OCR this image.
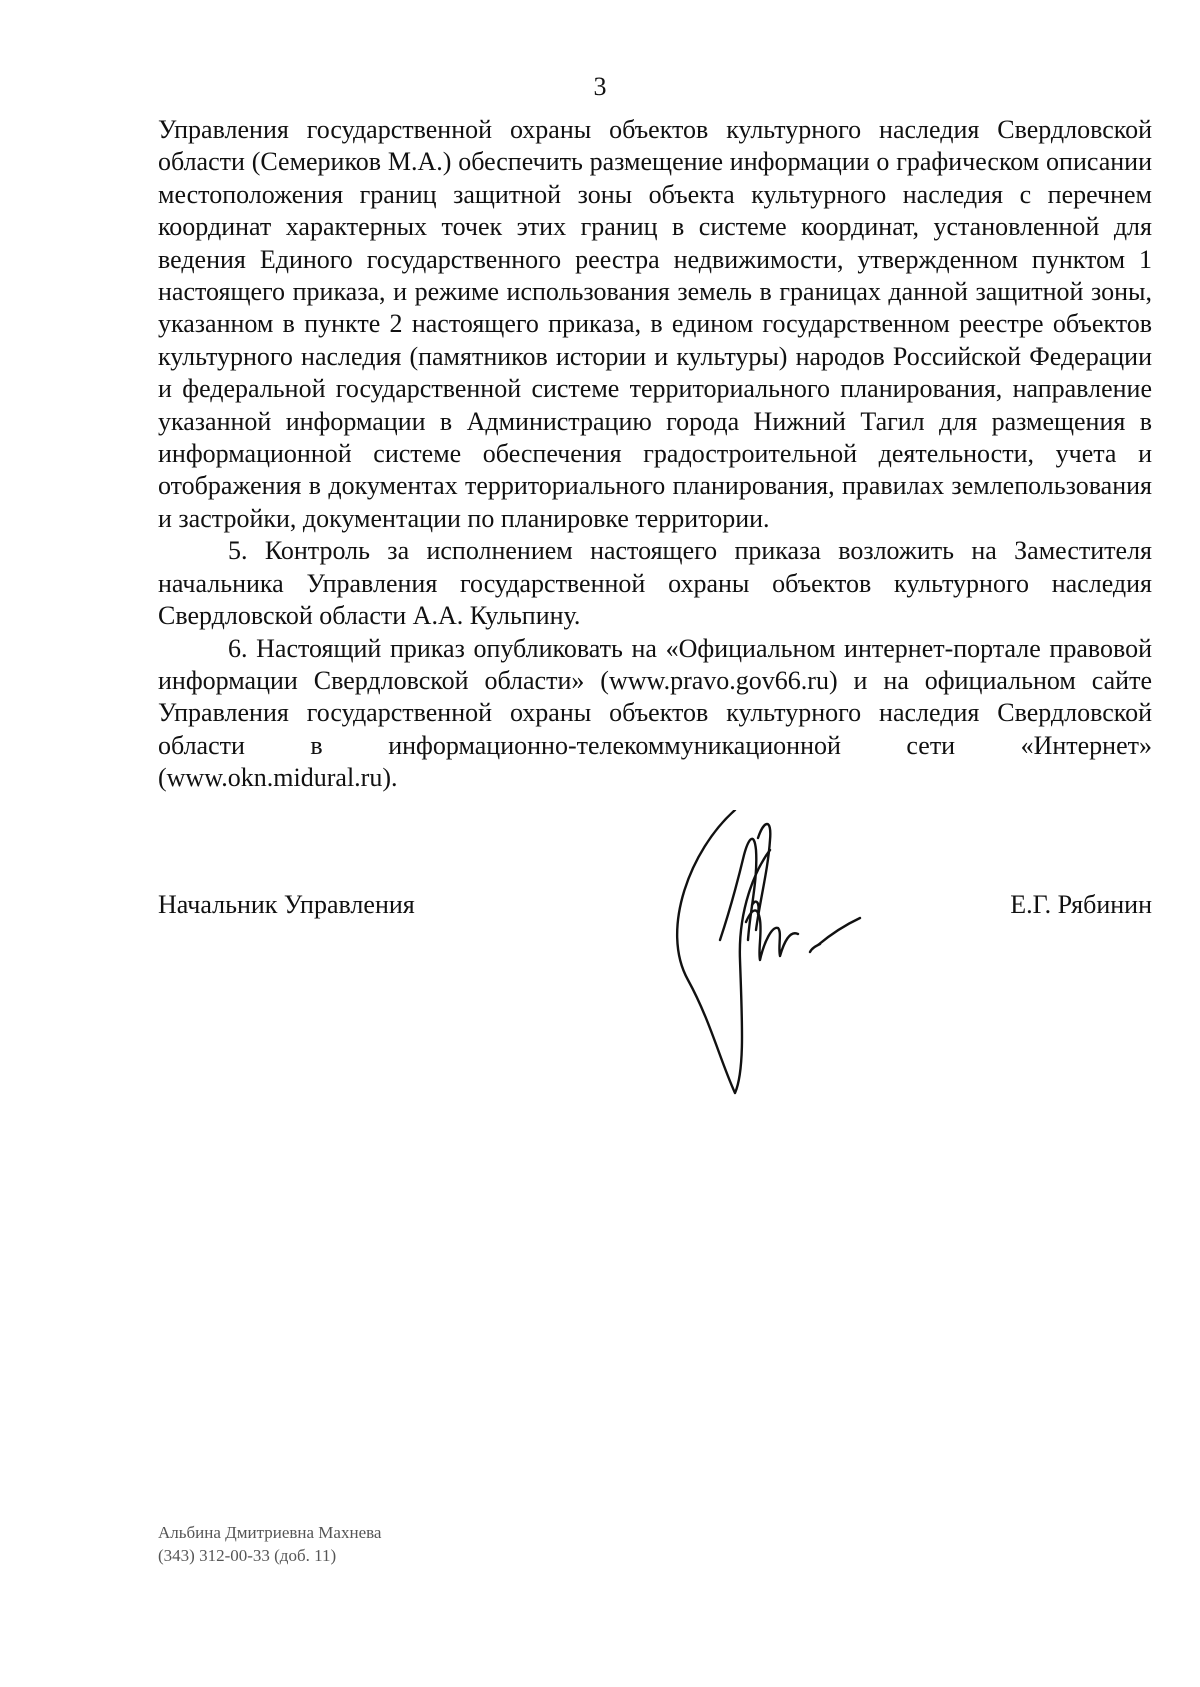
3

Управления государственной охраны объектов культурного наследия Свердловской области (Семериков М.А.) обеспечить размещение информации о графическом описании местоположения границ защитной зоны объекта культурного наследия с перечнем координат характерных точек этих границ в системе координат, установленной для ведения Единого государственного реестра недвижимости, утвержденном пунктом 1 настоящего приказа, и режиме использования земель в границах данной защитной зоны, указанном в пункте 2 настоящего приказа, в едином государственном реестре объектов культурного наследия (памятников истории и культуры) народов Российской Федерации и федеральной государственной системе территориального планирования, направление указанной информации в Администрацию города Нижний Тагил для размещения в информационной системе обеспечения градостроительной деятельности, учета и отображения в документах территориального планирования, правилах землепользования и застройки, документации по планировке территории.

5. Контроль за исполнением настоящего приказа возложить на Заместителя начальника Управления государственной охраны объектов культурного наследия Свердловской области А.А. Кульпину.

6. Настоящий приказ опубликовать на «Официальном интернет-портале правовой информации Свердловской области» (www.pravo.gov66.ru) и на официальном сайте Управления государственной охраны объектов культурного наследия Свердловской области в информационно-телекоммуникационной сети «Интернет» (www.okn.midural.ru).

Начальник Управления	Е.Г. Рябинин
Альбина Дмитриевна Махнева
(343) 312-00-33 (доб. 11)
